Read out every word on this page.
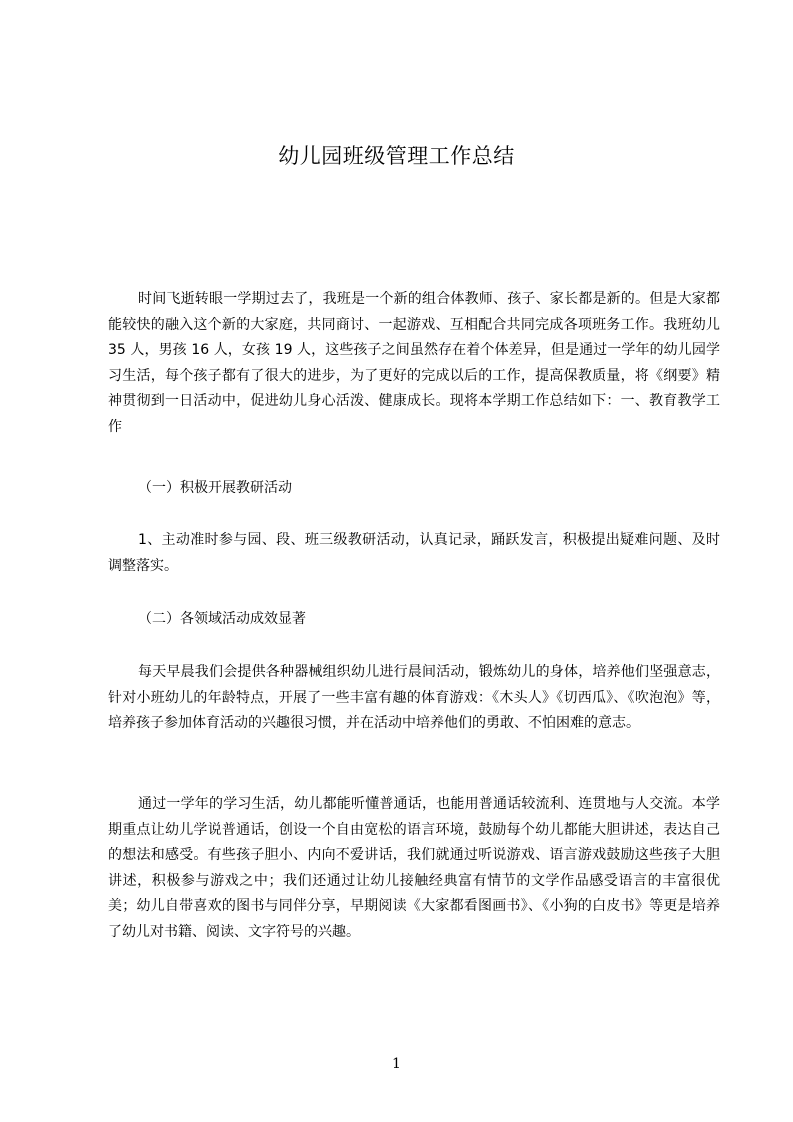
幼儿园班级管理工作总结

时间飞逝转眼一学期过去了，我班是一个新的组合体教师、孩子、家长都是新的。但是大家都能较快的融入这个新的大家庭，共同商讨、一起游戏、互相配合共同完成各项班务工作。我班幼儿 35 人，男孩 16 人，女孩 19 人，这些孩子之间虽然存在着个体差异，但是通过一学年的幼儿园学习生活，每个孩子都有了很大的进步，为了更好的完成以后的工作，提高保教质量，将《纲要》精神贯彻到一日活动中，促进幼儿身心活泼、健康成长。现将本学期工作总结如下：一、教育教学工作

（一）积极开展教研活动

1、主动准时参与园、段、班三级教研活动，认真记录，踊跃发言，积极提出疑难问题、及时调整落实。

（二）各领域活动成效显著

每天早晨我们会提供各种器械组织幼儿进行晨间活动，锻炼幼儿的身体，培养他们坚强意志，针对小班幼儿的年龄特点，开展了一些丰富有趣的体育游戏：《木头人》《切西瓜》、《吹泡泡》等，培养孩子参加体育活动的兴趣很习惯，并在活动中培养他们的勇敢、不怕困难的意志。

通过一学年的学习生活，幼儿都能听懂普通话，也能用普通话较流利、连贯地与人交流。本学期重点让幼儿学说普通话，创设一个自由宽松的语言环境，鼓励每个幼儿都能大胆讲述，表达自己的想法和感受。有些孩子胆小、内向不爱讲话，我们就通过听说游戏、语言游戏鼓励这些孩子大胆讲述，积极参与游戏之中；我们还通过让幼儿接触经典富有情节的文学作品感受语言的丰富很优美；幼儿自带喜欢的图书与同伴分享，早期阅读《大家都看图画书》、《小狗的白皮书》等更是培养了幼儿对书籍、阅读、文字符号的兴趣。

1
